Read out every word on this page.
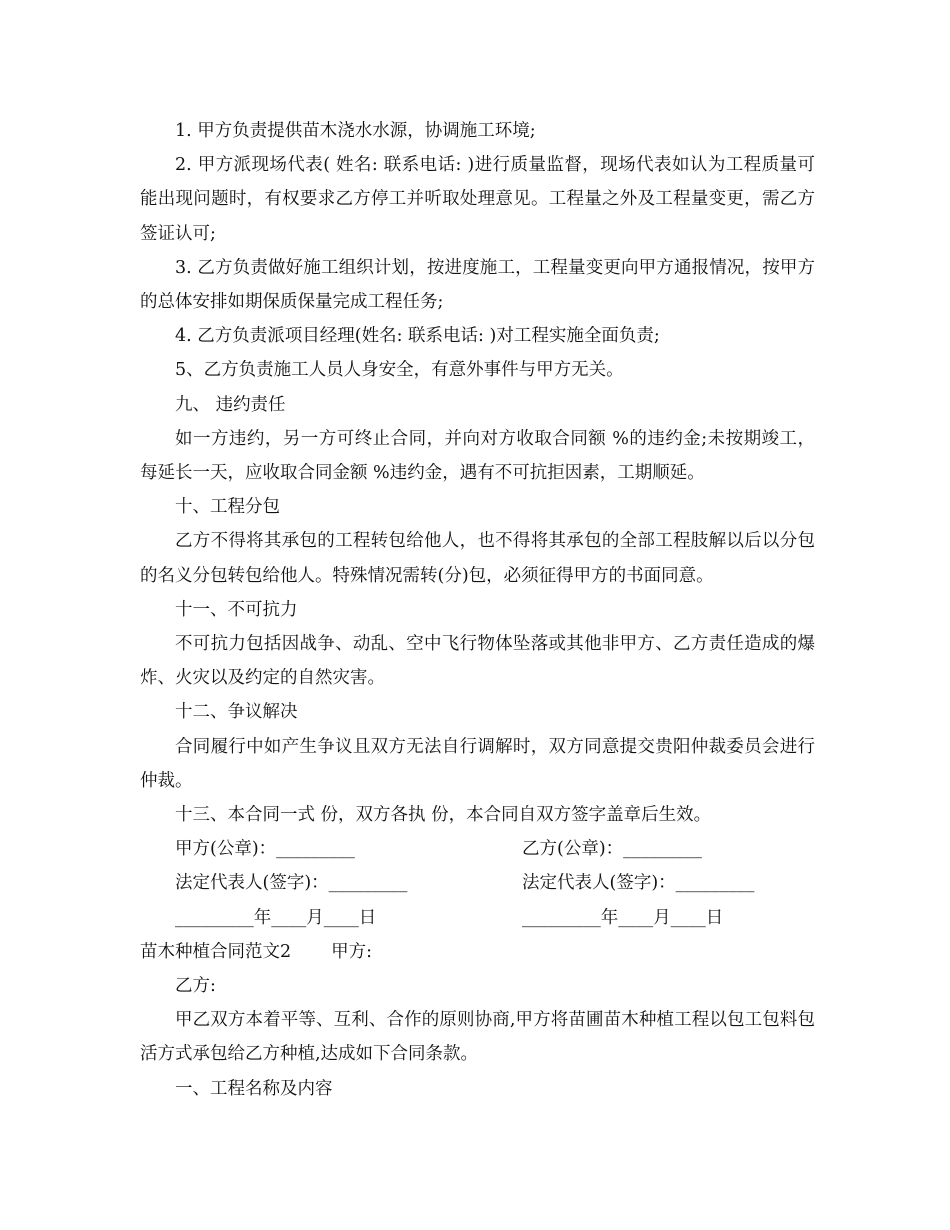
1. 甲方负责提供苗木浇水水源，协调施工环境;

2. 甲方派现场代表( 姓名: 联系电话: )进行质量监督，现场代表如认为工程质量可能出现问题时，有权要求乙方停工并听取处理意见。工程量之外及工程量变更，需乙方签证认可;

3. 乙方负责做好施工组织计划，按进度施工，工程量变更向甲方通报情况，按甲方的总体安排如期保质保量完成工程任务;

4. 乙方负责派项目经理(姓名: 联系电话: )对工程实施全面负责;

5、乙方负责施工人员人身安全，有意外事件与甲方无关。

九、 违约责任

如一方违约，另一方可终止合同，并向对方收取合同额 %的违约金;未按期竣工，每延长一天，应收取合同金额 %违约金，遇有不可抗拒因素，工期顺延。

十、工程分包

乙方不得将其承包的工程转包给他人，也不得将其承包的全部工程肢解以后以分包的名义分包转包给他人。特殊情况需转(分)包，必须征得甲方的书面同意。

十一、不可抗力

不可抗力包括因战争、动乱、空中飞行物体坠落或其他非甲方、乙方责任造成的爆炸、火灾以及约定的自然灾害。

十二、争议解决

合同履行中如产生争议且双方无法自行调解时，双方同意提交贵阳仲裁委员会进行仲裁。

十三、本合同一式 份，双方各执 份，本合同自双方签字盖章后生效。

甲方(公章)：_________	乙方(公章)：_________
法定代表人(签字)：_________	法定代表人(签字)：_________
_________年____月____日	_________年____月____日

苗木种植合同范文2 甲方:

乙方:

甲乙双方本着平等、互利、合作的原则协商,甲方将苗圃苗木种植工程以包工包料包活方式承包给乙方种植,达成如下合同条款。

一、工程名称及内容
